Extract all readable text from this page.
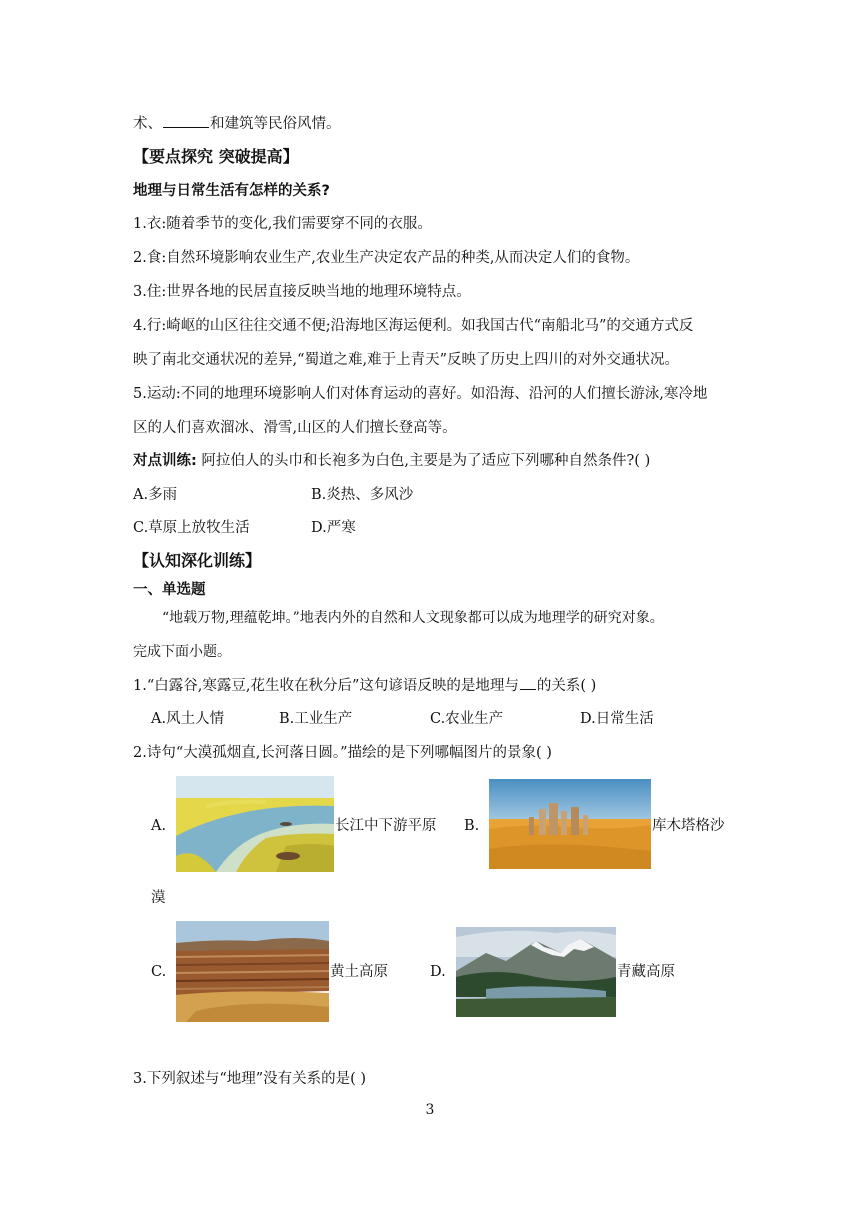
术、	和建筑等民俗风情。
【要点探究 突破提高】
地理与日常生活有怎样的关系?
1.衣:随着季节的变化,我们需要穿不同的衣服。
2.食:自然环境影响农业生产,农业生产决定农产品的种类,从而决定人们的食物。
3.住:世界各地的民居直接反映当地的地理环境特点。
4.行:崎岖的山区往往交通不便;沿海地区海运便利。如我国古代“南船北马”的交通方式反
映了南北交通状况的差异,“蜀道之难,难于上青天”反映了历史上四川的对外交通状况。
5.运动:不同的地理环境影响人们对体育运动的喜好。如沿海、沿河的人们擅长游泳,寒冷地
区的人们喜欢溜冰、滑雪,山区的人们擅长登高等。
对点训练: 阿拉伯人的头巾和长袍多为白色,主要是为了适应下列哪种自然条件?( )
A.多雨	B.炎热、多风沙
C.草原上放牧生活	D.严寒
【认知深化训练】
一、单选题
“地载万物,理蕴乾坤。”地表内外的自然和人文现象都可以成为地理学的研究对象。
完成下面小题。
1.“白露谷,寒露豆,花生收在秋分后”这句谚语反映的是地理与 的关系( )
A.风土人情	B.工业生产	C.农业生产	D.日常生活
2.诗句“大漠孤烟直,长河落日圆。”描绘的是下列哪幅图片的景象( )
A.	长江中下游平原 B.	库木塔格沙
漠
C.	黄土高原	D.	青藏高原
3.下列叙述与“地理”没有关系的是( )
3
